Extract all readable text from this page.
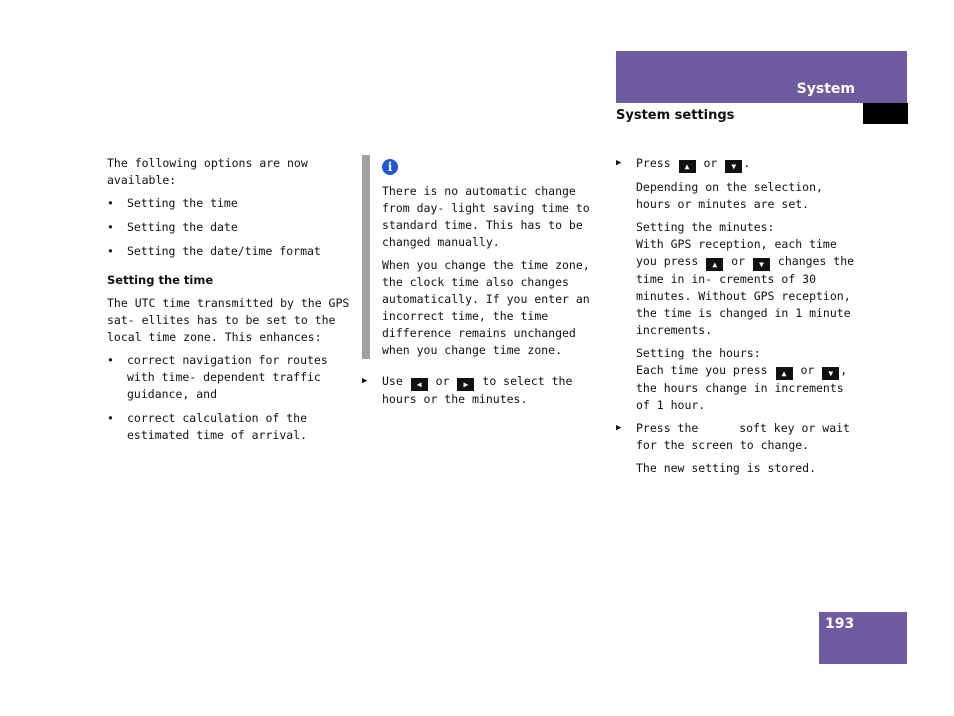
System
System settings

The following options are now available:

• Setting the time
• Setting the date
• Setting the date/time format
Setting the time

The UTC time transmitted by the GPS sat- ellites has to be set to the local time zone. This enhances:

• correct navigation for routes with time- dependent traffic guidance, and
• correct calculation of the estimated time of arrival.
i

There is no automatic change from day- light saving time to standard time. This has to be changed manually.

When you change the time zone, the clock time also changes automatically. If you enter an incorrect time, the time difference remains unchanged when you change time zone.

▶ Use ◀ or ▶ to select the hours or the minutes.
▶ Press ▲ or ▼ .

Depending on the selection, hours or minutes are set.

Setting the minutes:
With GPS reception, each time you press ▲ or ▼ changes the time in in- crements of 30 minutes. Without GPS reception, the time is changed in 1 minute increments.
Setting the hours:
Each time you press ▲ or ▼ , the hours change in increments of 1 hour.
▶ Press the	soft key or wait for the screen to change.

The new setting is stored.

193
